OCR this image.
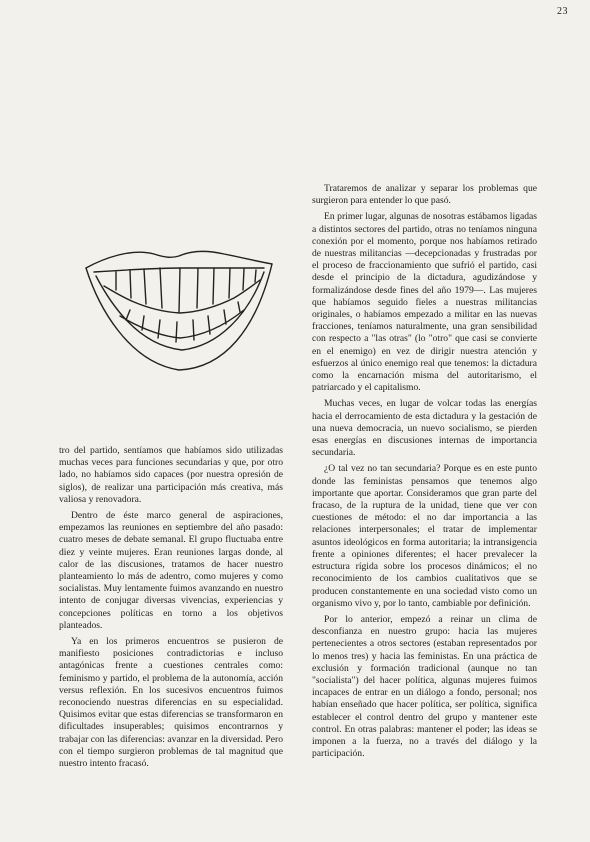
23

tro del partido, sentíamos que habíamos sido utilizadas muchas veces para funciones secundarias y que, por otro lado, no habíamos sido capaces (por nuestra opresión de siglos), de realizar una participación más creativa, más valiosa y renovadora.

Dentro de éste marco general de aspiraciones, empezamos las reuniones en septiembre del año pasado: cuatro meses de debate semanal. El grupo fluctuaba entre diez y veinte mujeres. Eran reuniones largas donde, al calor de las discusiones, tratamos de hacer nuestro planteamiento lo más de adentro, como mujeres y como socialistas. Muy lentamente fuimos avanzando en nuestro intento de conjugar diversas vivencias, experiencias y concepciones políticas en torno a los objetivos planteados.

Ya en los primeros encuentros se pusieron de manifiesto posiciones contradictorias e incluso antagónicas frente a cuestiones centrales como: feminismo y partido, el problema de la autonomía, acción versus reflexión. En los sucesivos encuentros fuimos reconociendo nuestras diferencias en su especialidad. Quisimos evitar que estas diferencias se transformaron en dificultades insuperables; quisimos encontrarnos y trabajar con las diferencias: avanzar en la diversidad. Pero con el tiempo surgieron problemas de tal magnitud que nuestro intento fracasó.

Trataremos de analizar y separar los problemas que surgieron para entender lo que pasó.

En primer lugar, algunas de nosotras estábamos ligadas a distintos sectores del partido, otras no teníamos ninguna conexión por el momento, porque nos habíamos retirado de nuestras militancias —decepcionadas y frustradas por el proceso de fraccionamiento que sufrió el partido, casi desde el principio de la dictadura, agudizándose y formalizándose desde fines del año 1979—. Las mujeres que habíamos seguido fieles a nuestras militancias originales, o habíamos empezado a militar en las nuevas fracciones, teníamos naturalmente, una gran sensibilidad con respecto a "las otras" (lo "otro" que casi se convierte en el enemigo) en vez de dirigir nuestra atención y esfuerzos al único enemigo real que tenemos: la dictadura como la encarnación misma del autoritarismo, el patriarcado y el capitalismo.

Muchas veces, en lugar de volcar todas las energías hacia el derrocamiento de esta dictadura y la gestación de una nueva democracia, un nuevo socialismo, se pierden esas energías en discusiones internas de importancia secundaria.

¿O tal vez no tan secundaria? Porque es en este punto donde las feministas pensamos que tenemos algo importante que aportar. Consideramos que gran parte del fracaso, de la ruptura de la unidad, tiene que ver con cuestiones de método: el no dar importancia a las relaciones interpersonales; el tratar de implementar asuntos ideológicos en forma autoritaria; la intransigencia frente a opiniones diferentes; el hacer prevalecer la estructura rígida sobre los procesos dinámicos; el no reconocimiento de los cambios cualitativos que se producen constantemente en una sociedad visto como un organismo vivo y, por lo tanto, cambiable por definición.

Por lo anterior, empezó a reinar un clima de desconfianza en nuestro grupo: hacia las mujeres pertenecientes a otros sectores (estaban representados por lo menos tres) y hacia las feministas. En una práctica de exclusión y formación tradicional (aunque no tan "socialista") del hacer política, algunas mujeres fuimos incapaces de entrar en un diálogo a fondo, personal; nos habían enseñado que hacer política, ser política, significa establecer el control dentro del grupo y mantener este control. En otras palabras: mantener el poder; las ideas se imponen a la fuerza, no a través del diálogo y la participación.
